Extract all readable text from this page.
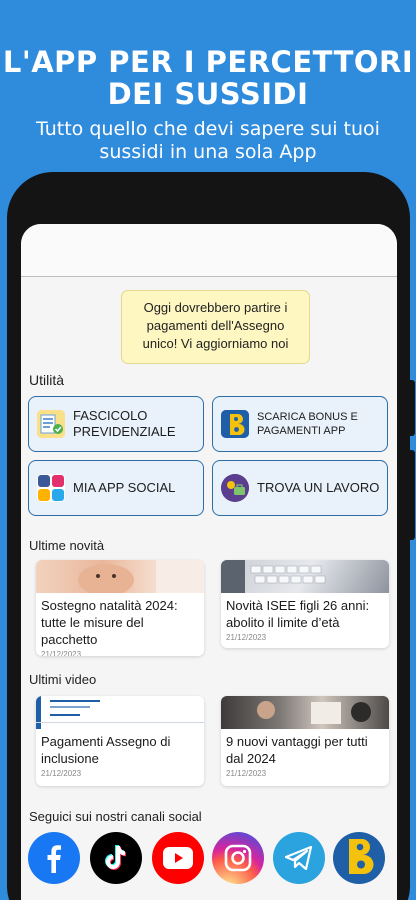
L'APP PER I PERCETTORI
DEI SUSSIDI
Tutto quello che devi sapere sui tuoi
sussidi in una sola App
Oggi dovrebbero partire i pagamenti dell'Assegno unico! Vi aggiorniamo noi
Utilità
FASCICOLO
PREVIDENZIALE
SCARICA BONUS E
PAGAMENTI APP
MIA APP SOCIAL	TROVA UN LAVORO
Ultime novità
Sostegno natalità 2024: tutte le misure del pacchetto
21/12/2023
Novità ISEE figli 26 anni: abolito il limite d’età
21/12/2023
Ultimi video
Pagamenti Assegno di inclusione
21/12/2023
9 nuovi vantaggi per tutti dal 2024
21/12/2023
Seguici sui nostri canali social
